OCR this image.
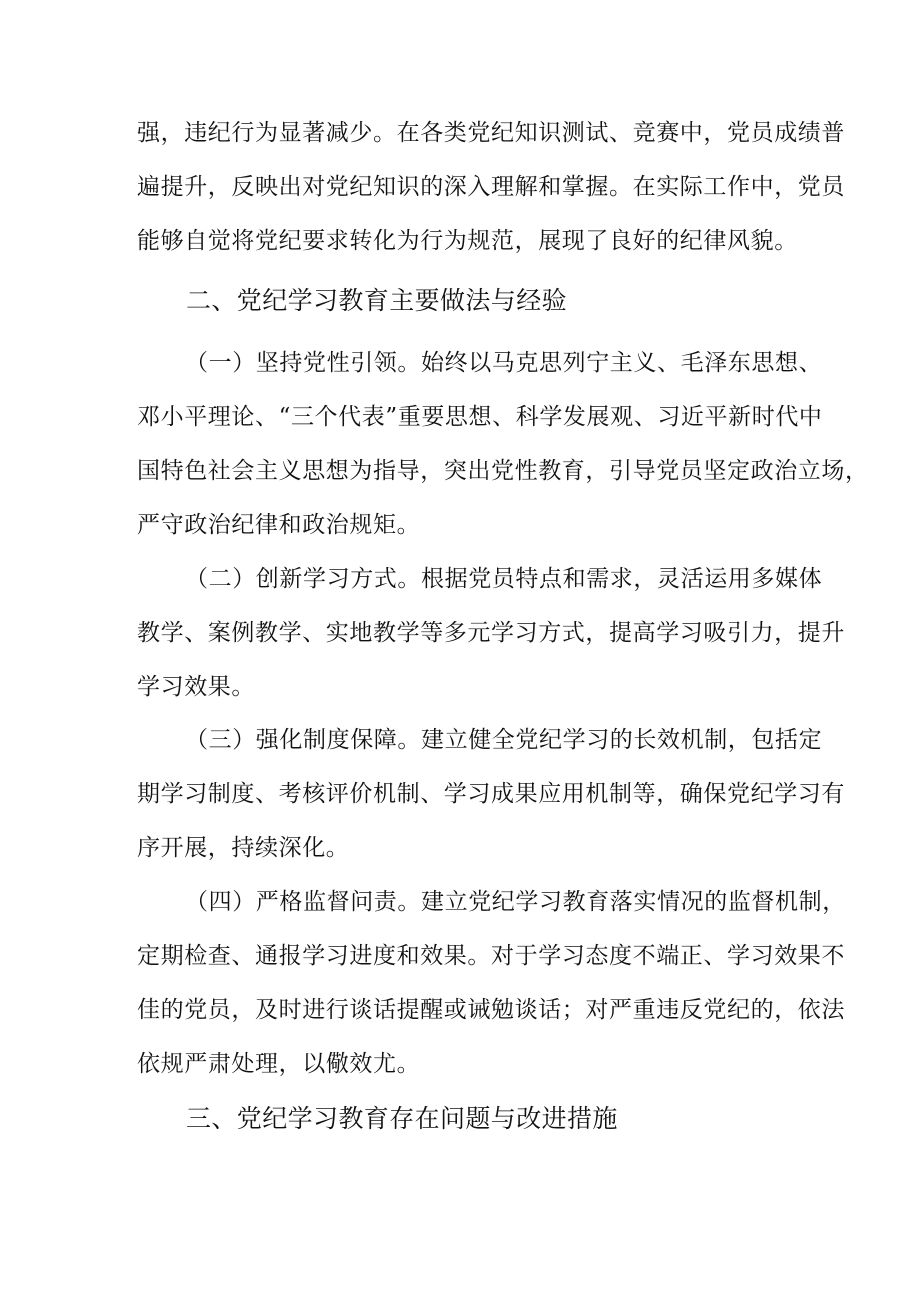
强，违纪行为显著减少。在各类党纪知识测试、竞赛中，党员成绩普
遍提升，反映出对党纪知识的深入理解和掌握。在实际工作中，党员
能够自觉将党纪要求转化为行为规范，展现了良好的纪律风貌。

二、党纪学习教育主要做法与经验

（一）坚持党性引领。始终以马克思列宁主义、毛泽东思想、
邓小平理论、“三个代表”重要思想、科学发展观、习近平新时代中
国特色社会主义思想为指导，突出党性教育，引导党员坚定政治立场，
严守政治纪律和政治规矩。

（二）创新学习方式。根据党员特点和需求，灵活运用多媒体
教学、案例教学、实地教学等多元学习方式，提高学习吸引力，提升
学习效果。

（三）强化制度保障。建立健全党纪学习的长效机制，包括定
期学习制度、考核评价机制、学习成果应用机制等，确保党纪学习有
序开展，持续深化。

（四）严格监督问责。建立党纪学习教育落实情况的监督机制，
定期检查、通报学习进度和效果。对于学习态度不端正、学习效果不
佳的党员，及时进行谈话提醒或诫勉谈话；对严重违反党纪的，依法
依规严肃处理，以儆效尤。

三、党纪学习教育存在问题与改进措施
